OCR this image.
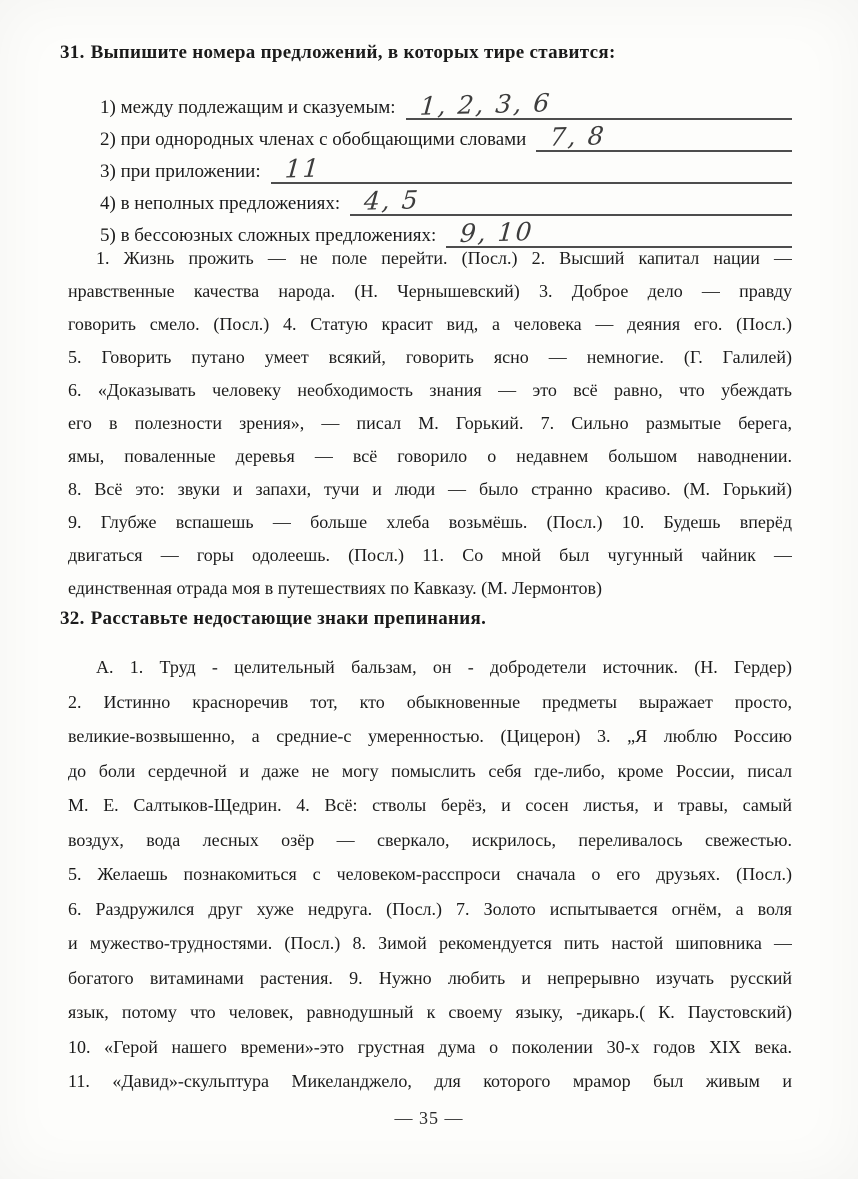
31. Выпишите номера предложений, в которых тире ставится:
1) между подлежащим и сказуемым: 1, 2, 3, 6
2) при однородных членах с обобщающими словами 7, 8
3) при приложении: 11
4) в неполных предложениях: 4, 5
5) в бессоюзных сложных предложениях: 9, 10
1. Жизнь прожить — не поле перейти. (Посл.) 2. Высший капитал нации —
нравственные качества народа. (Н. Чернышевский) 3. Доброе дело — правду
говорить смело. (Посл.) 4. Статую красит вид, а человека — деяния его. (Посл.)
5. Говорить путано умеет всякий, говорить ясно — немногие. (Г. Галилей)
6. «Доказывать человеку необходимость знания — это всё равно, что убеждать
его в полезности зрения», — писал М. Горький. 7. Сильно размытые берега,
ямы, поваленные деревья — всё говорило о недавнем большом наводнении.
8. Всё это: звуки и запахи, тучи и люди — было странно красиво. (М. Горький)
9. Глубже вспашешь — больше хлеба возьмёшь. (Посл.) 10. Будешь вперёд
двигаться — горы одолеешь. (Посл.) 11. Со мной был чугунный чайник —
единственная отрада моя в путешествиях по Кавказу. (М. Лермонтов)
32. Расставьте недостающие знаки препинания.
А. 1. Труд - целительный бальзам, он - добродетели источник. (Н. Гердер)
2. Истинно красноречив тот, кто обыкновенные предметы выражает просто,
великие-возвышенно, а средние-с умеренностью. (Цицерон) 3. „Я люблю Россию
до боли сердечной и даже не могу помыслить себя где-либо, кроме России, писал
М. Е. Салтыков-Щедрин. 4. Всё: стволы берёз, и сосен листья, и травы, самый
воздух, вода лесных озёр — сверкало, искрилось, переливалось свежестью.
5. Желаешь познакомиться с человеком-расспроси сначала о его друзьях. (Посл.)
6. Раздружился друг хуже недруга. (Посл.) 7. Золото испытывается огнём, а воля
и мужество-трудностями. (Посл.) 8. Зимой рекомендуется пить настой шиповника —
богатого витаминами растения. 9. Нужно любить и непрерывно изучать русский
язык, потому что человек, равнодушный к своему языку, -дикарь.( К. Паустовский)
10. «Герой нашего времени»-это грустная дума о поколении 30-х годов XIX века.
11. «Давид»-скульптура Микеланджело, для которого мрамор был живым и
— 35 —
